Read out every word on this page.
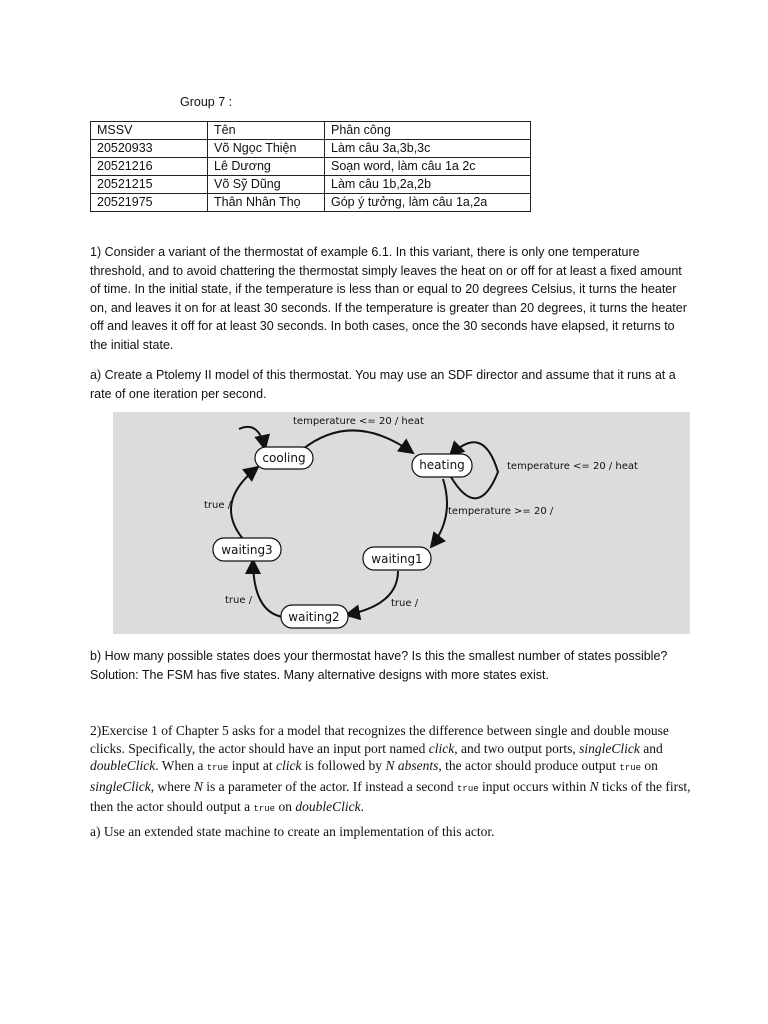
Group 7 :
MSSV	Tên	Phân công
20520933	Võ Ngọc Thiện	Làm câu 3a,3b,3c
20521216	Lê Dương	Soạn word, làm câu 1a 2c
20521215	Võ Sỹ Dũng	Làm câu 1b,2a,2b
20521975	Thân Nhân Thọ	Góp ý tưởng, làm câu 1a,2a
1) Consider a variant of the thermostat of example 6.1. In this variant, there is only one temperature threshold, and to avoid chattering the thermostat simply leaves the heat on or off for at least a fixed amount of time. In the initial state, if the temperature is less than or equal to 20 degrees Celsius, it turns the heater on, and leaves it on for at least 30 seconds. If the temperature is greater than 20 degrees, it turns the heater off and leaves it off for at least 30 seconds. In both cases, once the 30 seconds have elapsed, it returns to the initial state.
a) Create a Ptolemy II model of this thermostat. You may use an SDF director and assume that it runs at a rate of one iteration per second.
temperature <= 20 / heat
temperature <= 20 / heat
temperature >= 20 /
true /
true /
true /
cooling	heating
waiting1
waiting2
waiting3
b) How many possible states does your thermostat have? Is this the smallest number of states possible?
Solution: The FSM has five states. Many alternative designs with more states exist.
2)Exercise 1 of Chapter 5 asks for a model that recognizes the difference between single and double mouse clicks. Specifically, the actor should have an input port named click, and two output ports, singleClick and doubleClick. When a true input at click is followed by N absents, the actor should produce output true on singleClick, where N is a parameter of the actor. If instead a second true input occurs within N ticks of the first, then the actor should output a true on doubleClick.
a) Use an extended state machine to create an implementation of this actor.
